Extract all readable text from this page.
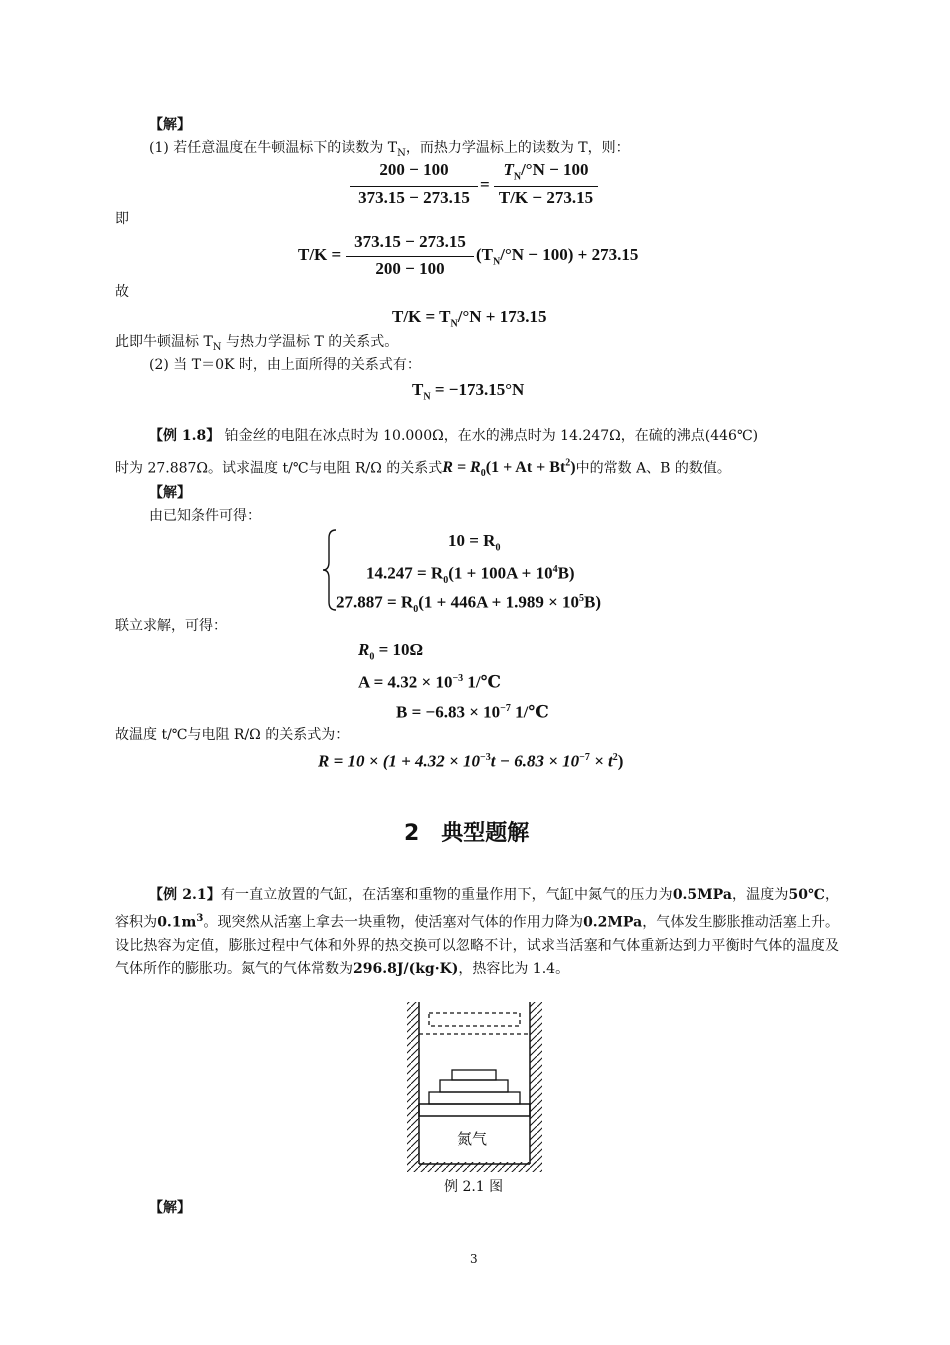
【解】
(1) 若任意温度在牛顿温标下的读数为 $T_N$，而热力学温标上的读数为 T，则：
200 − 100
373.15 − 273.15
=
$T_N/^\circ N - 100$
T/K − 273.15
即
T/K =
373.15 − 273.15
200 − 100
$(T_N/^\circ N - 100) + 273.15$
故
$T/K = T_N/^\circ N + 173.15$
此即牛顿温标 $T_N$ 与热力学温标 T 的关系式。
(2) 当 T＝0K 时，由上面所得的关系式有：
$T_N = -173.15^\circ N$
【例 1.8】 铂金丝的电阻在冰点时为 10.000Ω，在水的沸点时为 14.247Ω，在硫的沸点(446℃)
时为 27.887Ω。试求温度 t/℃与电阻 R/Ω 的关系式$R = R_0(1 + At + Bt^2)$中的常数 A、B 的数值。
【解】
由已知条件可得：
$10 = R_0$
$14.247 = R_0(1 + 100A + 10^4B)$
$27.887 = R_0(1 + 446A + 1.989 \times 10^5B)$
联立求解，可得：
$R_0 = 10\Omega$
$A = 4.32 \times 10^{-3}$ 1/℃
$B = -6.83 \times 10^{-7}$ 1/℃
故温度 t/℃与电阻 R/Ω 的关系式为：
$R = 10 \times (1 + 4.32 \times 10^{-3}t - 6.83 \times 10^{-7} \times t^2)$
2　典型题解
【例 2.1】有一直立放置的气缸，在活塞和重物的重量作用下，气缸中氮气的压力为0.5MPa，温度为50℃，容积为$0.1m^3$。现突然从活塞上拿去一块重物，使活塞对气体的作用力降为0.2MPa，气体发生膨胀推动活塞上升。设比热容为定值，膨胀过程中气体和外界的热交换可以忽略不计，试求当活塞和气体重新达到力平衡时气体的温度及气体所作的膨胀功。氮气的气体常数为296.8J/(kg·K)，热容比为 1.4。
氮气
例 2.1 图
【解】
3
